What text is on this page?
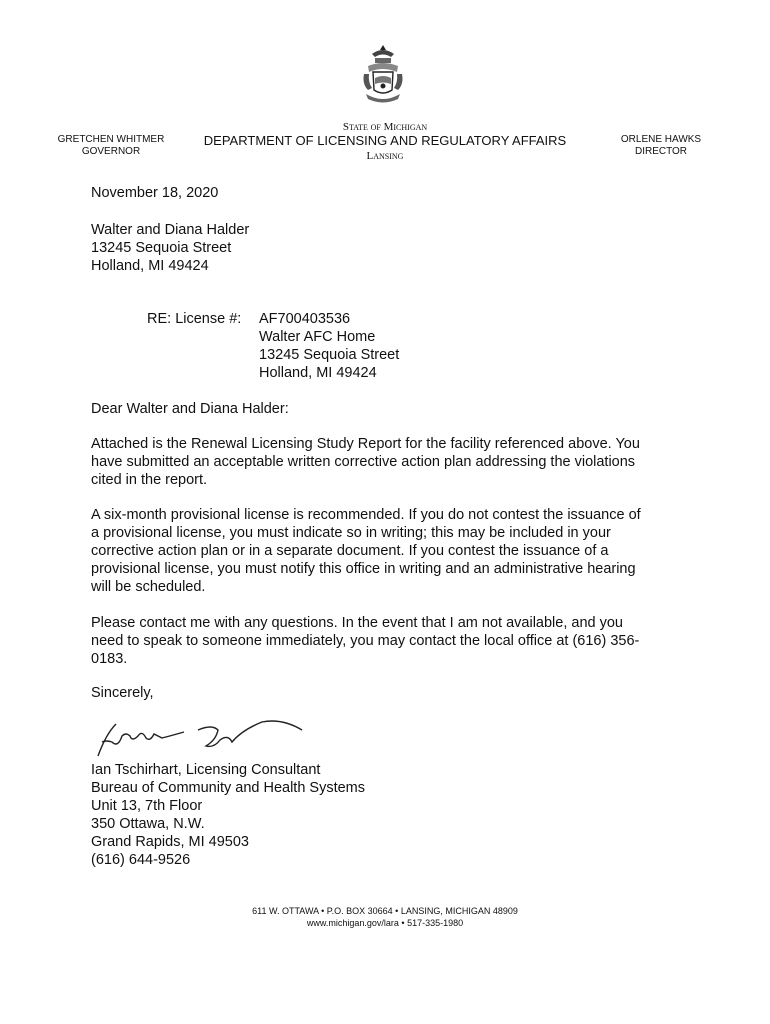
GRETCHEN WHITMER
GOVERNOR
State of Michigan
DEPARTMENT OF LICENSING AND REGULATORY AFFAIRS
Lansing
ORLENE HAWKS
DIRECTOR
November 18, 2020
Walter and Diana Halder
13245 Sequoia Street
Holland, MI 49424
RE: License #: AF700403536
Walter AFC Home
13245 Sequoia Street
Holland, MI 49424
Dear Walter and Diana Halder:
Attached is the Renewal Licensing Study Report for the facility referenced above. You
have submitted an acceptable written corrective action plan addressing the violations
cited in the report.
A six-month provisional license is recommended. If you do not contest the issuance of
a provisional license, you must indicate so in writing; this may be included in your
corrective action plan or in a separate document. If you contest the issuance of a
provisional license, you must notify this office in writing and an administrative hearing
will be scheduled.
Please contact me with any questions. In the event that I am not available, and you
need to speak to someone immediately, you may contact the local office at (616) 356-
0183.
Sincerely,
Ian Tschirhart, Licensing Consultant
Bureau of Community and Health Systems
Unit 13, 7th Floor
350 Ottawa, N.W.
Grand Rapids, MI 49503
(616) 644-9526
611 W. OTTAWA • P.O. BOX 30664 • LANSING, MICHIGAN 48909
www.michigan.gov/lara • 517-335-1980
